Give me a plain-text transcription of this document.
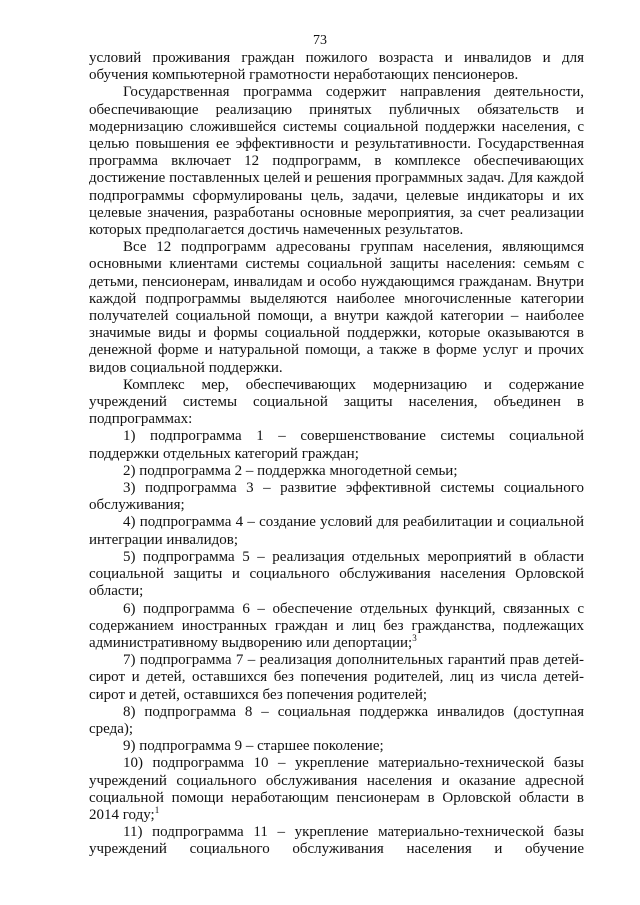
73

условий проживания граждан пожилого возраста и инвалидов и для обучения компьютерной грамотности неработающих пенсионеров.

Государственная программа содержит направления деятельности, обеспечивающие реализацию принятых публичных обязательств и модернизацию сложившейся системы социальной поддержки населения, с целью повышения ее эффективности и результативности. Государственная программа включает 12 подпрограмм, в комплексе обеспечивающих достижение поставленных целей и решения программных задач. Для каждой подпрограммы сформулированы цель, задачи, целевые индикаторы и их целевые значения, разработаны основные мероприятия, за счет реализации которых предполагается достичь намеченных результатов.

Все 12 подпрограмм адресованы группам населения, являющимся основными клиентами системы социальной защиты населения: семьям с детьми, пенсионерам, инвалидам и особо нуждающимся гражданам. Внутри каждой подпрограммы выделяются наиболее многочисленные категории получателей социальной помощи, а внутри каждой категории – наиболее значимые виды и формы социальной поддержки, которые оказываются в денежной форме и натуральной помощи, а также в форме услуг и прочих видов социальной поддержки.

Комплекс мер, обеспечивающих модернизацию и содержание учреждений системы социальной защиты населения, объединен в подпрограммах:

1) подпрограмма 1 – совершенствование системы социальной поддержки отдельных категорий граждан;

2) подпрограмма 2 – поддержка многодетной семьи;

3) подпрограмма 3 – развитие эффективной системы социального обслуживания;

4) подпрограмма 4 – создание условий для реабилитации и социальной интеграции инвалидов;

5) подпрограмма 5 – реализация отдельных мероприятий в области социальной защиты и социального обслуживания населения Орловской области;

6) подпрограмма 6 – обеспечение отдельных функций, связанных с содержанием иностранных граждан и лиц без гражданства, подлежащих административному выдворению или депортации;$^3$

7) подпрограмма 7 – реализация дополнительных гарантий прав детей-сирот и детей, оставшихся без попечения родителей, лиц из числа детей-сирот и детей, оставшихся без попечения родителей;

8) подпрограмма 8 – социальная поддержка инвалидов (доступная среда);

9) подпрограмма 9 – старшее поколение;

10) подпрограмма 10 – укрепление материально-технической базы учреждений социального обслуживания населения и оказание адресной социальной помощи неработающим пенсионерам в Орловской области в 2014 году;$^1$

11) подпрограмма 11 – укрепление материально-технической базы учреждений социального обслуживания населения и обучение
